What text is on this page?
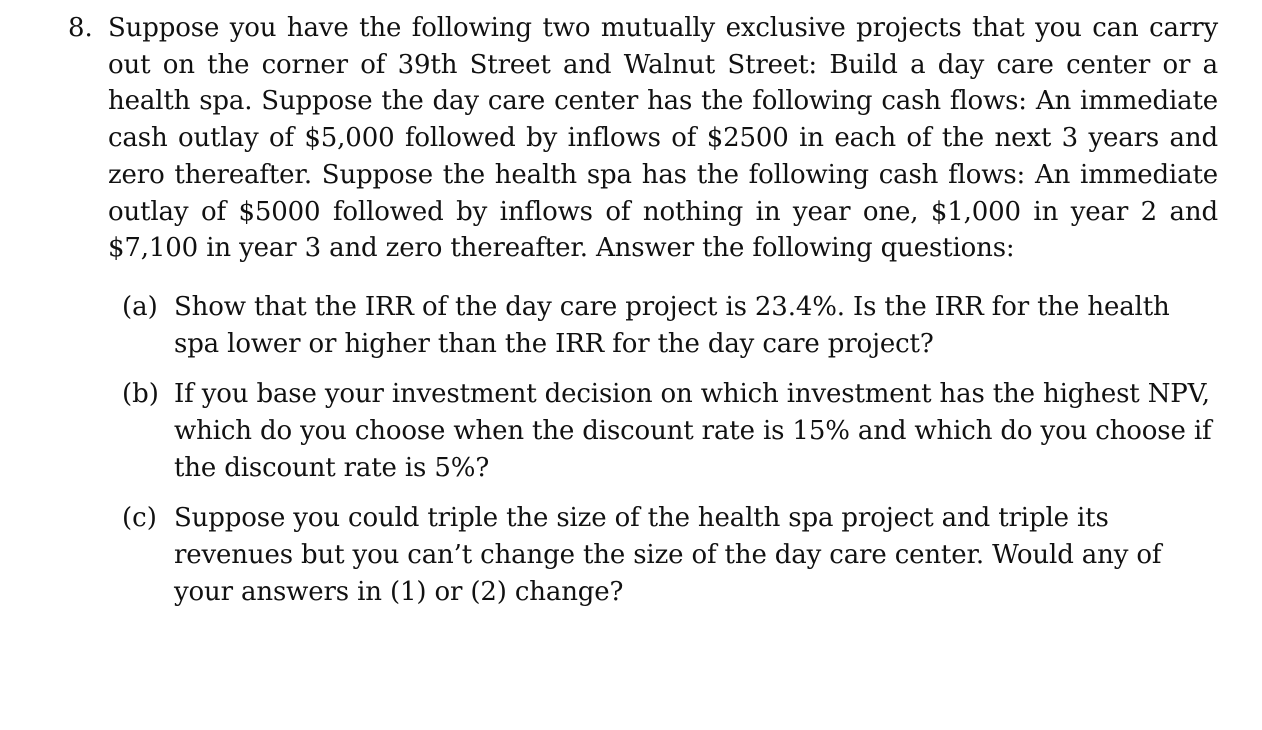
8. Suppose you have the following two mutually exclusive projects that you can carry out on the corner of 39th Street and Walnut Street: Build a day care center or a health spa. Suppose the day care center has the following cash flows: An immediate cash outlay of $5,000 followed by inflows of $2500 in each of the next 3 years and zero thereafter. Suppose the health spa has the following cash flows: An immediate outlay of $5000 followed by inflows of nothing in year one, $1,000 in year 2 and $7,100 in year 3 and zero thereafter. Answer the following questions:
(a) Show that the IRR of the day care project is 23.4%. Is the IRR for the health spa lower or higher than the IRR for the day care project?
(b) If you base your investment decision on which investment has the highest NPV, which do you choose when the discount rate is 15% and which do you choose if the discount rate is 5%?
(c) Suppose you could triple the size of the health spa project and triple its revenues but you can’t change the size of the day care center. Would any of your answers in (1) or (2) change?
